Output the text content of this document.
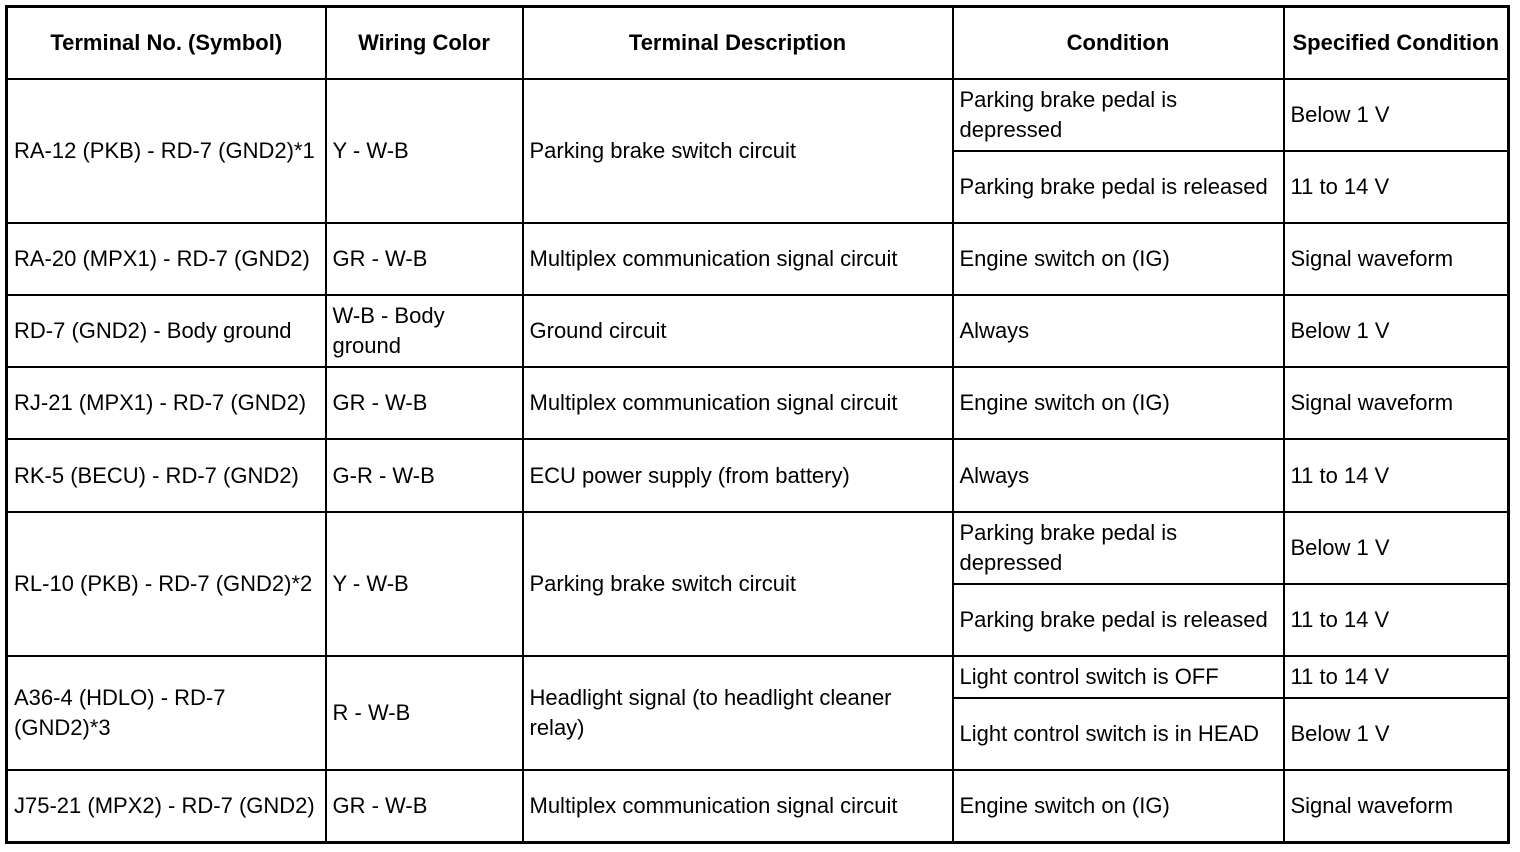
Terminal No. (Symbol)	Wiring Color	Terminal Description	Condition	Specified Condition
RA-12 (PKB) - RD-7 (GND2)*1	Y - W-B	Parking brake switch circuit	Parking brake pedal is depressed	Below 1 V
			Parking brake pedal is released	11 to 14 V
RA-20 (MPX1) - RD-7 (GND2)	GR - W-B	Multiplex communication signal circuit	Engine switch on (IG)	Signal waveform
RD-7 (GND2) - Body ground	W-B - Body ground	Ground circuit	Always	Below 1 V
RJ-21 (MPX1) - RD-7 (GND2)	GR - W-B	Multiplex communication signal circuit	Engine switch on (IG)	Signal waveform
RK-5 (BECU) - RD-7 (GND2)	G-R - W-B	ECU power supply (from battery)	Always	11 to 14 V
RL-10 (PKB) - RD-7 (GND2)*2	Y - W-B	Parking brake switch circuit	Parking brake pedal is depressed	Below 1 V
			Parking brake pedal is released	11 to 14 V
A36-4 (HDLO) - RD-7 (GND2)*3	R - W-B	Headlight signal (to headlight cleaner relay)	Light control switch is OFF	11 to 14 V
			Light control switch is in HEAD	Below 1 V
J75-21 (MPX2) - RD-7 (GND2)	GR - W-B	Multiplex communication signal circuit	Engine switch on (IG)	Signal waveform
